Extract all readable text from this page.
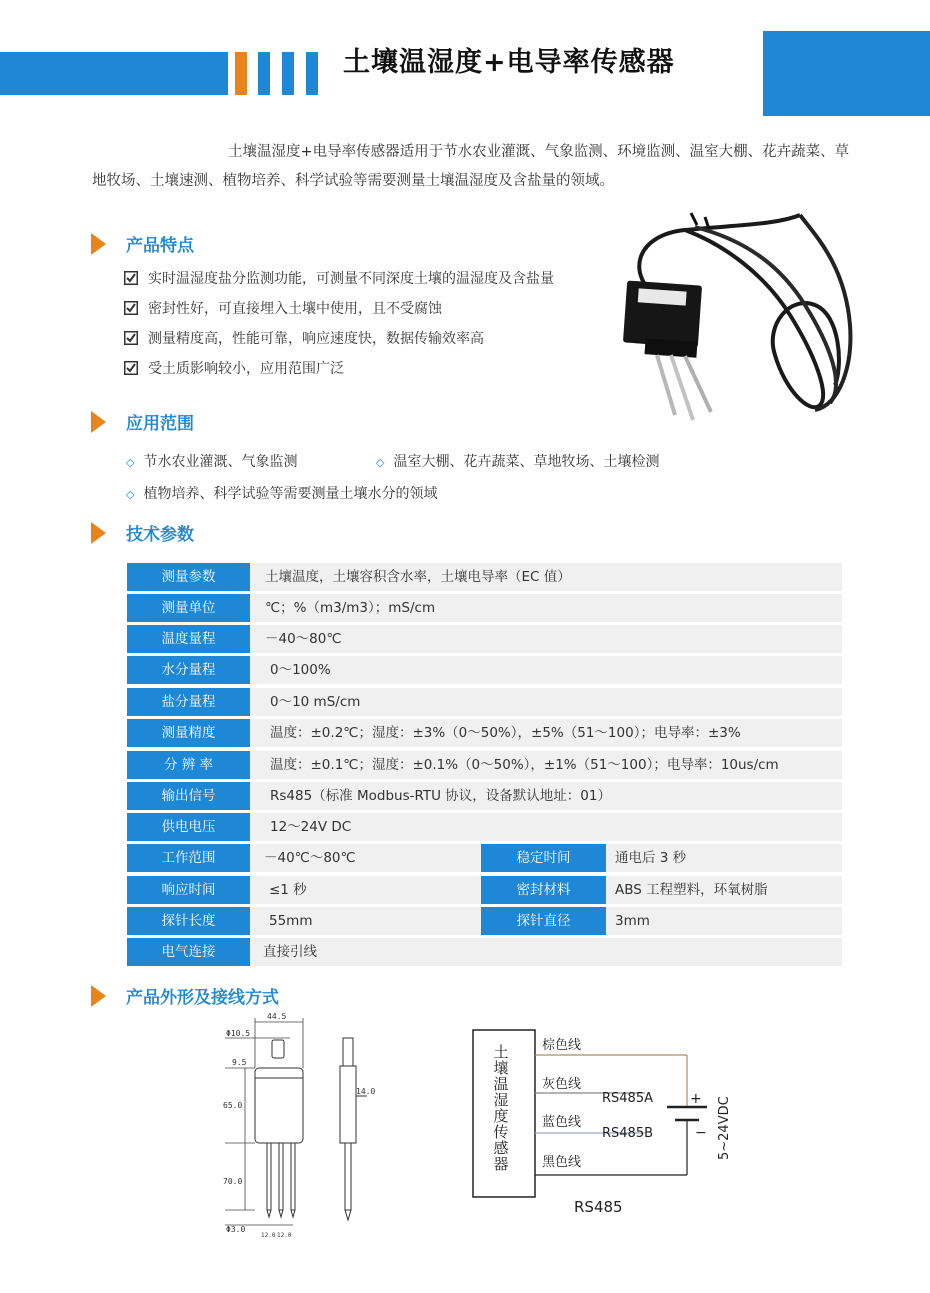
土壤温湿度+电导率传感器
土壤温湿度+电导率传感器适用于节水农业灌溉、气象监测、环境监测、温室大棚、花卉蔬菜、草地牧场、土壤速测、植物培养、科学试验等需要测量土壤温湿度及含盐量的领域。
产品特点
实时温湿度盐分监测功能，可测量不同深度土壤的温湿度及含盐量
密封性好，可直接埋入土壤中使用，且不受腐蚀
测量精度高，性能可靠，响应速度快，数据传输效率高
受土质影响较小，应用范围广泛
应用范围
◇ 节水农业灌溉、气象监测	◇ 温室大棚、花卉蔬菜、草地牧场、土壤检测
◇ 植物培养、科学试验等需要测量土壤水分的领域
技术参数
测量参数	土壤温度，土壤容积含水率，土壤电导率（EC 值）
测量单位	℃；%（m3/m3）；mS/cm
温度量程	－40～80℃
水分量程	0～100%
盐分量程	0～10 mS/cm
测量精度	温度：±0.2℃；湿度：±3%（0～50%），±5%（51～100）；电导率：±3%
分 辨 率	温度：±0.1℃；湿度：±0.1%（0～50%），±1%（51～100）；电导率：10us/cm
输出信号	Rs485（标准 Modbus-RTU 协议，设备默认地址：01）
供电电压	12～24V DC
工作范围	－40℃～80℃	稳定时间	通电后 3 秒
响应时间	≤1 秒	密封材料	ABS 工程塑料，环氧树脂
探针长度	55mm	探针直径	3mm
电气连接	直接引线
产品外形及接线方式
44.5
Φ10.5
9.5
65.0
70.0
Φ3.0
12.0 12.0
14.0	+
− 5~24VDC
棕色线
灰色线
RS485A
蓝色线
RS485B
黑色线
RS485
土壤温湿度传感器
